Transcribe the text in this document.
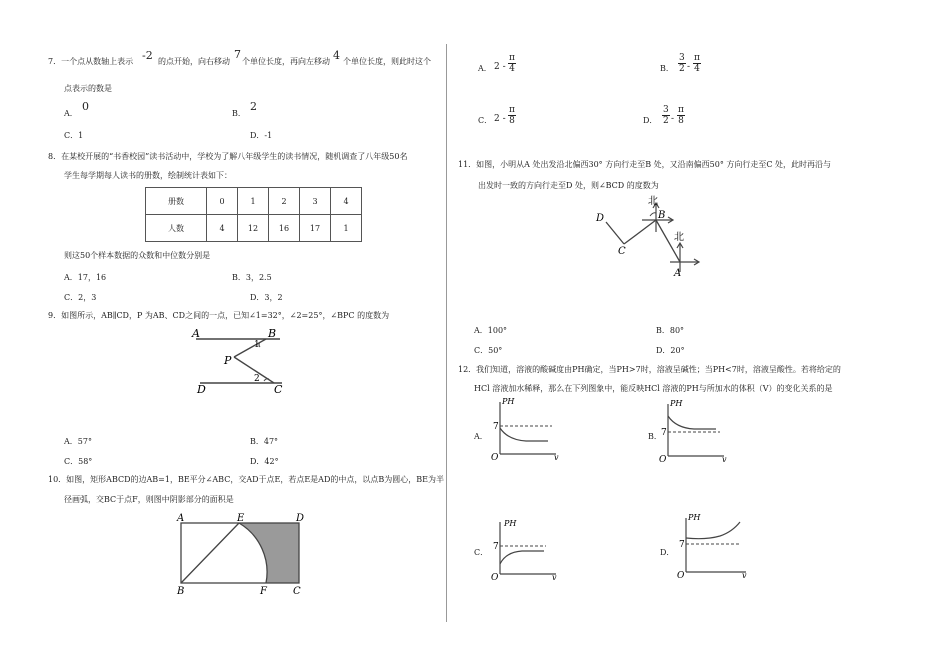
7．一个点从数轴上表示 -2 的点开始，向右移动
7
个单位长度，再向左移动 4 个单位长度，则此时这个
点表示的数是
A．
0
B．
2
C．1	D．-1
8．在某校开展的“书香校园”读书活动中，学校为了解八年级学生的读书情况，随机调查了八年级50名
学生每学期每人读书的册数，绘制统计表如下：
册数	0	1	2	3	4
人数	4	12	16	17	1
则这50个样本数据的众数和中位数分别是
A．17，16	B．3，2.5
C．2，3	D．3，2
9．如图所示，AB∥CD，P 为AB、CD之间的一点，已知∠1=32°，∠2=25°，∠BPC 的度数为
A	B
1
P
2
D	C
A．57°	B．47°
C．58°	D．42°
10．如图，矩形ABCD的边AB=1，BE平分∠ABC，交AD于点E，若点E是AD的中点，以点B为圆心，BE为半
径画弧，交BC于点F，则图中阴影部分的面积是
A	E	D
B	F	C
A． $2 - \frac{\pi}{4}$	B． $\frac{3}{2} - \frac{\pi}{4}$
C． $2 - \frac{\pi}{8}$	D． $\frac{3}{2} - \frac{\pi}{8}$
11．如图，小明从A 处出发沿北偏西30° 方向行走至B 处，又沿南偏西50° 方向行走至C 处，此时再沿与
出发时一致的方向行走至D 处，则∠BCD 的度数为
北
北
B
A
C
D
A．100°	B．80°
C．50°	D．20°
12．我们知道，溶液的酸碱度由PH确定，当PH>7时，溶液呈碱性；当PH<7时，溶液呈酸性。若将给定的
HCl 溶液加水稀释，那么在下列图象中，能反映HCl 溶液的PH与所加水的体积（V）的变化关系的是
A．
PH
7
O	v
B．
PH
7
O	v
C．
PH
7
O	v
D．
PH
7
O	v
